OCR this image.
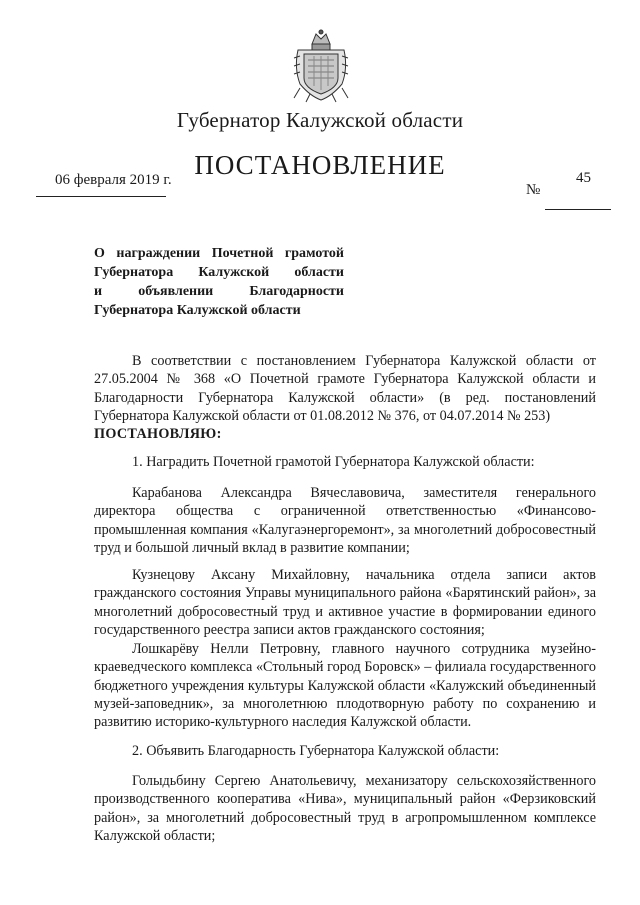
Губернатор Калужской области
ПОСТАНОВЛЕНИЕ
06 февраля 2019 г.
№
45
О награждении Почетной грамотой
Губернатора Калужской области
и	объявлении	Благодарности
Губернатора Калужской области

В соответствии с постановлением Губернатора Калужской области от 27.05.2004 № 368 «О Почетной грамоте Губернатора Калужской области и Благодарности Губернатора Калужской области» (в ред. постановлений Губернатора Калужской области от 01.08.2012 № 376, от 04.07.2014 № 253)

ПОСТАНОВЛЯЮ:

1. Наградить Почетной грамотой Губернатора Калужской области:

Карабанова Александра Вячеславовича, заместителя генерального директора общества с ограниченной ответственностью «Финансово-промышленная компания «Калугаэнергоремонт», за многолетний добросовестный труд и большой личный вклад в развитие компании;

Кузнецову Аксану Михайловну, начальника отдела записи актов гражданского состояния Управы муниципального района «Барятинский район», за многолетний добросовестный труд и активное участие в формировании единого государственного реестра записи актов гражданского состояния;

Лошкарёву Нелли Петровну, главного научного сотрудника музейно-краеведческого комплекса «Стольный город Боровск» – филиала государственного бюджетного учреждения культуры Калужской области «Калужский объединенный музей-заповедник», за многолетнюю плодотворную работу по сохранению и развитию историко-культурного наследия Калужской области.

2. Объявить Благодарность Губернатора Калужской области:

Голыдьбину Сергею Анатольевичу, механизатору сельскохозяйственного производственного кооператива «Нива», муниципальный район «Ферзиковский район», за многолетний добросовестный труд в агропромышленном комплексе Калужской области;
